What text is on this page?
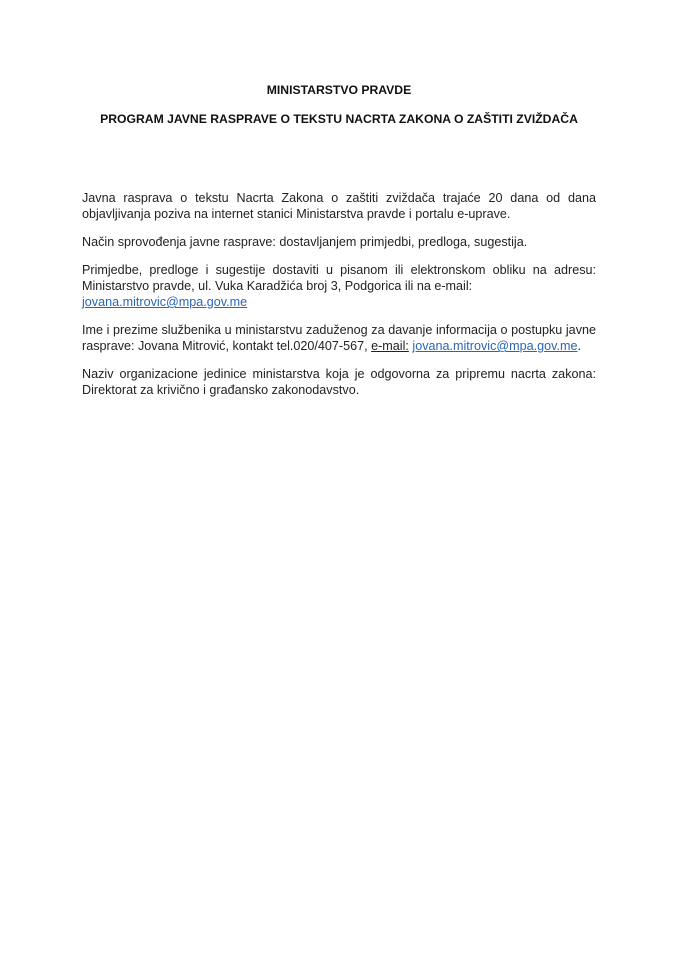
MINISTARSTVO PRAVDE
PROGRAM JAVNE RASPRAVE O TEKSTU NACRTA ZAKONA O ZAŠTITI ZVIŽDAČA

Javna rasprava o tekstu Nacrta Zakona o zaštiti zviždača trajaće 20 dana od dana objavljivanja poziva na internet stanici Ministarstva pravde i portalu e-uprave.

Način sprovođenja javne rasprave: dostavljanjem primjedbi, predloga, sugestija.

Primjedbe, predloge i sugestije dostaviti u pisanom ili elektronskom obliku na adresu: Ministarstvo pravde, ul. Vuka Karadžića broj 3, Podgorica ili na e-mail:
jovana.mitrovic@mpa.gov.me

Ime i prezime službenika u ministarstvu zaduženog za davanje informacija o postupku javne rasprave: Jovana Mitrović, kontakt tel.020/407-567, e-mail: jovana.mitrovic@mpa.gov.me.

Naziv organizacione jedinice ministarstva koja je odgovorna za pripremu nacrta zakona: Direktorat za krivično i građansko zakonodavstvo.
